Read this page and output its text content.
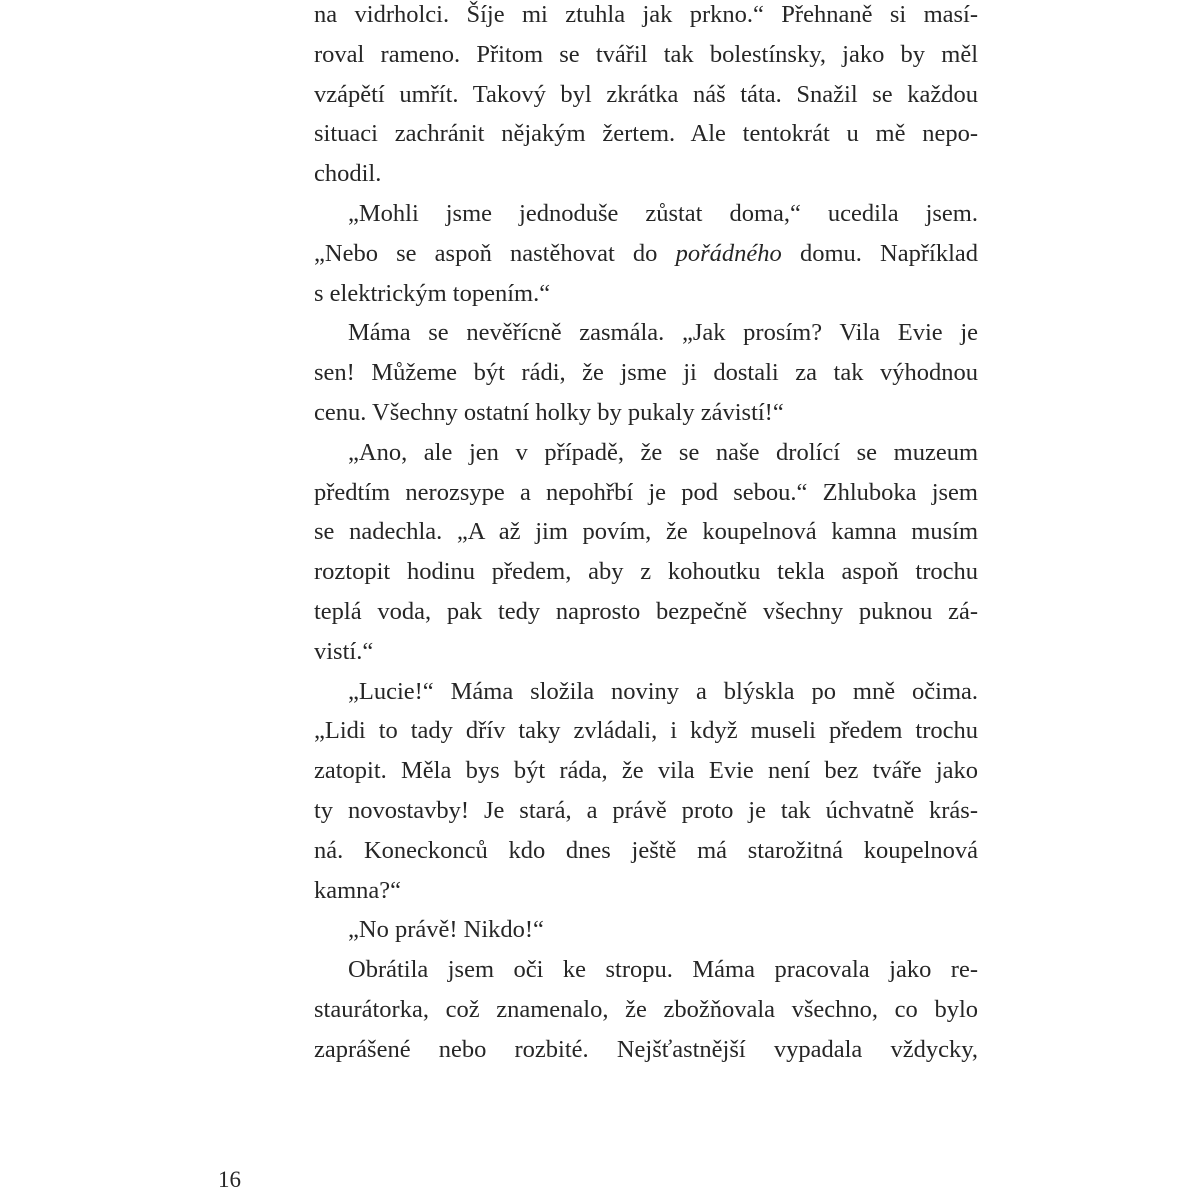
na vidrholci. Šíje mi ztuhla jak prkno.“ Přehnaně si masí-
roval rameno. Přitom se tvářil tak bolestínsky, jako by měl
vzápětí umřít. Takový byl zkrátka náš táta. Snažil se každou
situaci zachránit nějakým žertem. Ale tentokrát u mě nepo-
chodil.
„Mohli jsme jednoduše zůstat doma,“ ucedila jsem.
„Nebo se aspoň nastěhovat do pořádného domu. Například
s elektrickým topením.“
Máma se nevěřícně zasmála. „Jak prosím? Vila Evie je
sen! Můžeme být rádi, že jsme ji dostali za tak výhodnou
cenu. Všechny ostatní holky by pukaly závistí!“
„Ano, ale jen v případě, že se naše drolící se muzeum
předtím nerozsype a nepohřbí je pod sebou.“ Zhluboka jsem
se nadechla. „A až jim povím, že koupelnová kamna musím
roztopit hodinu předem, aby z kohoutku tekla aspoň trochu
teplá voda, pak tedy naprosto bezpečně všechny puknou zá-
vistí.“
„Lucie!“ Máma složila noviny a blýskla po mně očima.
„Lidi to tady dřív taky zvládali, i když museli předem trochu
zatopit. Měla bys být ráda, že vila Evie není bez tváře jako
ty novostavby! Je stará, a právě proto je tak úchvatně krás-
ná. Koneckonců kdo dnes ještě má starožitná koupelnová
kamna?“
„No právě! Nikdo!“
Obrátila jsem oči ke stropu. Máma pracovala jako re-
staurátorka, což znamenalo, že zbožňovala všechno, co bylo
zaprášené nebo rozbité. Nejšťastnější vypadala vždycky,
16
